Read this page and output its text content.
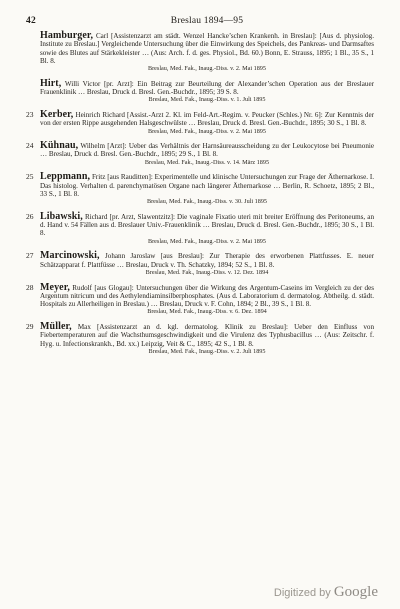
42	Breslau 1894—95
Hamburger, Carl [Assistenzarzt am städt. Wenzel Hancke’schen Krankenh. in Breslau]: [Aus d. physiolog. Institute zu Breslau.] Vergleichende Untersuchung über die Einwirkung des Speichels, des Pankreas- und Darmsaftes sowie des Blutes auf Stärkekleister … (Aus: Arch. f. d. ges. Physiol., Bd. 60.) Bonn, E. Strauss, 1895; 1 Bl., 35 S., 1 Bl. 8.
Breslau, Med. Fak., Inaug.-Diss. v. 2. Mai 1895
Hirt, Willi Victor [pr. Arzt]: Ein Beitrag zur Beurteilung der Alexander’schen Operation aus der Breslauer Frauenklinik … Breslau, Druck d. Bresl. Gen.-Buchdr., 1895; 39 S. 8.
Breslau, Med. Fak., Inaug.-Diss. v. 1. Juli 1895
23 Kerber, Heinrich Richard [Assist.-Arzt 2. Kl. im Feld-Art.-Regim. v. Peucker (Schles.) Nr. 6]: Zur Kenntnis der von der ersten Rippe ausgehenden Halsgeschwülste … Breslau, Druck d. Bresl. Gen.-Buchdr., 1895; 30 S., 1 Bl. 8.
Breslau, Med. Fak., Inaug.-Diss. v. 2. Mai 1895
24 Kühnau, Wilhelm [Arzt]: Ueber das Verhältnis der Harnsäureausscheidung zu der Leukocytose bei Pneumonie … Breslau, Druck d. Bresl. Gen.-Buchdr., 1895; 29 S., 1 Bl. 8.
Breslau, Med. Fak., Inaug.-Diss. v. 14. März 1895
25 Leppmann, Fritz [aus Rauditten]: Experimentelle und klinische Untersuchungen zur Frage der Äthernarkose. I. Das histolog. Verhalten d. parenchymatösen Organe nach längerer Äthernarkose … Berlin, R. Schoetz, 1895; 2 Bl., 33 S., 1 Bl. 8.
Breslau, Med. Fak., Inaug.-Diss. v. 30. Juli 1895
26 Libawski, Richard [pr. Arzt, Slawentzitz]: Die vaginale Fixatio uteri mit breiter Eröffnung des Peritoneums, an d. Hand v. 54 Fällen aus d. Breslauer Univ.-Frauenklinik … Breslau, Druck d. Bresl. Gen.-Buchdr., 1895; 30 S., 1 Bl. 8.
Breslau, Med. Fak., Inaug.-Diss. v. 2. Mai 1895
27 Marcinowski, Johann Jaroslaw [aus Breslau]: Zur Therapie des erworbenen Plattfusses. E. neuer Schätzapparat f. Plattfüsse … Breslau, Druck v. Th. Schatzky, 1894; 52 S., 1 Bl. 8.
Breslau, Med. Fak., Inaug.-Diss. v. 12. Dez. 1894
28 Meyer, Rudolf [aus Glogau]: Untersuchungen über die Wirkung des Argentum-Caseins im Vergleich zu der des Argentum nitricum und des Aethylendiaminsilberphosphates. (Aus d. Laboratorium d. dermatolog. Abtheilg. d. städt. Hospitals zu Allerheiligen in Breslau.) … Breslau, Druck v. F. Cohn, 1894; 2 Bl., 39 S., 1 Bl. 8.
Breslau, Med. Fak., Inaug.-Diss. v. 6. Dez. 1894
29 Müller, Max [Assistenzarzt an d. kgl. dermatolog. Klinik zu Breslau]: Ueber den Einfluss von Fiebertemperaturen auf die Wachsthumsgeschwindigkeit und die Virulenz des Typhusbacillus … (Aus: Zeitschr. f. Hyg. u. Infectionskrankh., Bd. xx.) Leipzig, Veit & C., 1895; 42 S., 1 Bl. 8.
Breslau, Med. Fak., Inaug.-Diss. v. 2. Juli 1895
Digitized by Google
